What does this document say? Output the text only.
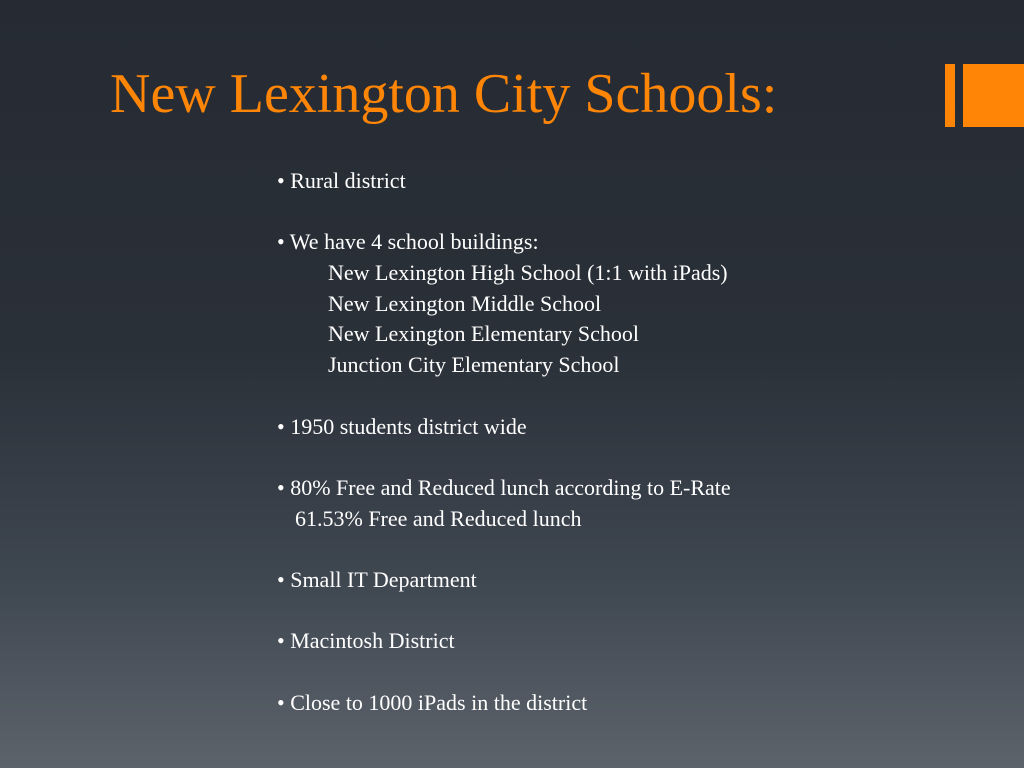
New Lexington City Schools:
• Rural district
• We have 4 school buildings:
New Lexington High School (1:1 with iPads)
New Lexington Middle School
New Lexington Elementary School
Junction City Elementary School
• 1950 students district wide
• 80% Free and Reduced lunch according to E-Rate
61.53% Free and Reduced lunch
• Small IT Department
• Macintosh District
• Close to 1000 iPads in the district
